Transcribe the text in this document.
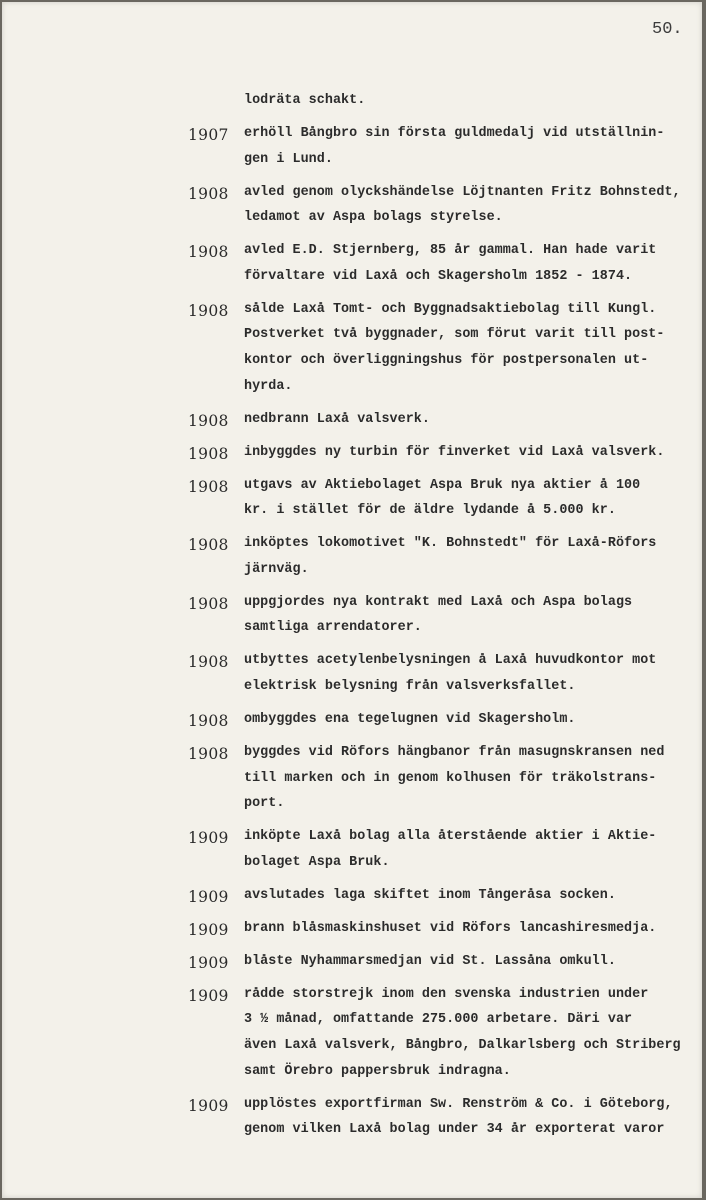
50.
lodräta schakt.
1907 erhöll Bångbro sin första guldmedalj vid utställnin-
gen i Lund.
1908 avled genom olyckshändelse Löjtnanten Fritz Bohnstedt,
ledamot av Aspa bolags styrelse.
1908 avled E.D. Stjernberg, 85 år gammal. Han hade varit
förvaltare vid Laxå och Skagersholm 1852 - 1874.
1908 sålde Laxå Tomt- och Byggnadsaktiebolag till Kungl.
Postverket två byggnader, som förut varit till post-
kontor och överliggningshus för postpersonalen ut-
hyrda.
1908 nedbrann Laxå valsverk.
1908 inbyggdes ny turbin för finverket vid Laxå valsverk.
1908 utgavs av Aktiebolaget Aspa Bruk nya aktier å 100
kr. i stället för de äldre lydande å 5.000 kr.
1908 inköptes lokomotivet "K. Bohnstedt" för Laxå-Röfors
järnväg.
1908 uppgjordes nya kontrakt med Laxå och Aspa bolags
samtliga arrendatorer.
1908 utbyttes acetylenbelysningen å Laxå huvudkontor mot
elektrisk belysning från valsverksfallet.
1908 ombyggdes ena tegelugnen vid Skagersholm.
1908 byggdes vid Röfors hängbanor från masugnskransen ned
till marken och in genom kolhusen för träkolstrans-
port.
1909 inköpte Laxå bolag alla återstående aktier i Aktie-
bolaget Aspa Bruk.
1909 avslutades laga skiftet inom Tångeråsa socken.
1909 brann blåsmaskinshuset vid Röfors lancashiresmedja.
1909 blåste Nyhammarsmedjan vid St. Lassåna omkull.
1909 rådde storstrejk inom den svenska industrien under
3 ½ månad, omfattande 275.000 arbetare. Däri var
även Laxå valsverk, Bångbro, Dalkarlsberg och Striberg
samt Örebro pappersbruk indragna.
1909 upplöstes exportfirman Sw. Renström & Co. i Göteborg,
genom vilken Laxå bolag under 34 år exporterat varor
